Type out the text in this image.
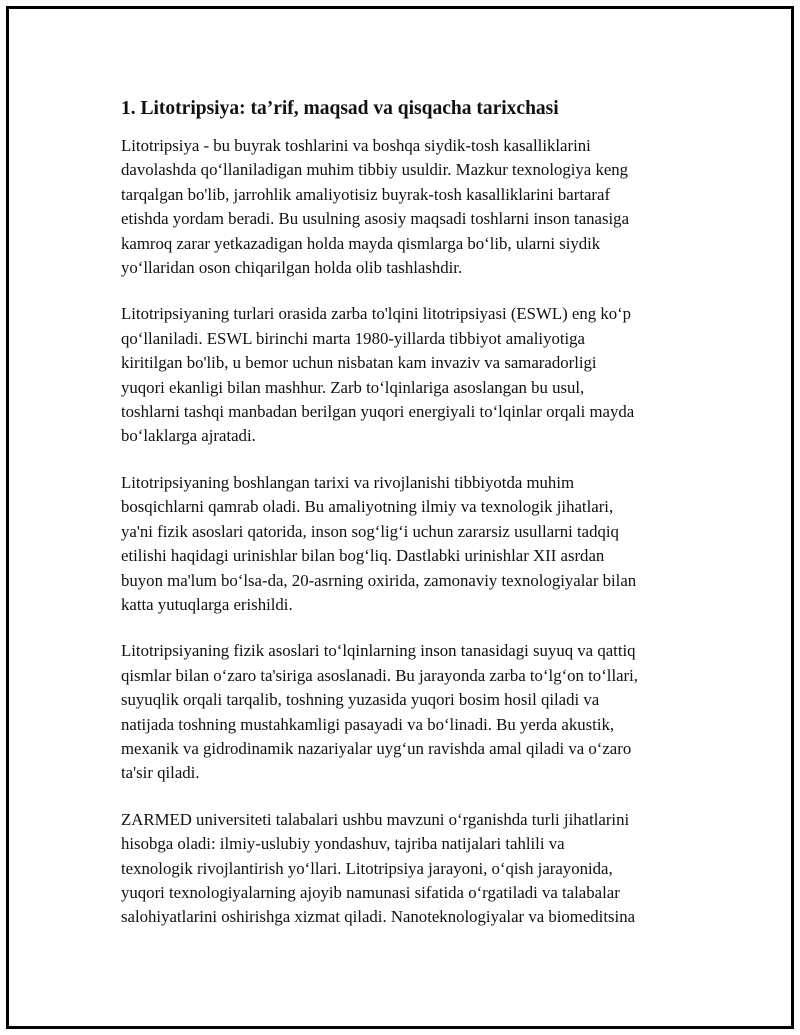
1. Litotripsiya: ta’rif, maqsad va qisqacha tarixchasi
Litotripsiya - bu buyrak toshlarini va boshqa siydik-tosh kasalliklarini
davolashda qo‘llaniladigan muhim tibbiy usuldir. Mazkur texnologiya keng
tarqalgan bo'lib, jarrohlik amaliyotisiz buyrak-tosh kasalliklarini bartaraf
etishda yordam beradi. Bu usulning asosiy maqsadi toshlarni inson tanasiga
kamroq zarar yetkazadigan holda mayda qismlarga bo‘lib, ularni siydik
yo‘llaridan oson chiqarilgan holda olib tashlashdir.
Litotripsiyaning turlari orasida zarba to'lqini litotripsiyasi (ESWL) eng ko‘p
qo‘llaniladi. ESWL birinchi marta 1980-yillarda tibbiyot amaliyotiga
kiritilgan bo'lib, u bemor uchun nisbatan kam invaziv va samaradorligi
yuqori ekanligi bilan mashhur. Zarb to‘lqinlariga asoslangan bu usul,
toshlarni tashqi manbadan berilgan yuqori energiyali to‘lqinlar orqali mayda
bo‘laklarga ajratadi.
Litotripsiyaning boshlangan tarixi va rivojlanishi tibbiyotda muhim
bosqichlarni qamrab oladi. Bu amaliyotning ilmiy va texnologik jihatlari,
ya'ni fizik asoslari qatorida, inson sog‘lig‘i uchun zararsiz usullarni tadqiq
etilishi haqidagi urinishlar bilan bog‘liq. Dastlabki urinishlar XII asrdan
buyon ma'lum bo‘lsa-da, 20-asrning oxirida, zamonaviy texnologiyalar bilan
katta yutuqlarga erishildi.
Litotripsiyaning fizik asoslari to‘lqinlarning inson tanasidagi suyuq va qattiq
qismlar bilan o‘zaro ta'siriga asoslanadi. Bu jarayonda zarba to‘lg‘on to‘llari,
suyuqlik orqali tarqalib, toshning yuzasida yuqori bosim hosil qiladi va
natijada toshning mustahkamligi pasayadi va bo‘linadi. Bu yerda akustik,
mexanik va gidrodinamik nazariyalar uyg‘un ravishda amal qiladi va o‘zaro
ta'sir qiladi.
ZARMED universiteti talabalari ushbu mavzuni o‘rganishda turli jihatlarini
hisobga oladi: ilmiy-uslubiy yondashuv, tajriba natijalari tahlili va
texnologik rivojlantirish yo‘llari. Litotripsiya jarayoni, o‘qish jarayonida,
yuqori texnologiyalarning ajoyib namunasi sifatida o‘rgatiladi va talabalar
salohiyatlarini oshirishga xizmat qiladi. Nanoteknologiyalar va biomeditsina
